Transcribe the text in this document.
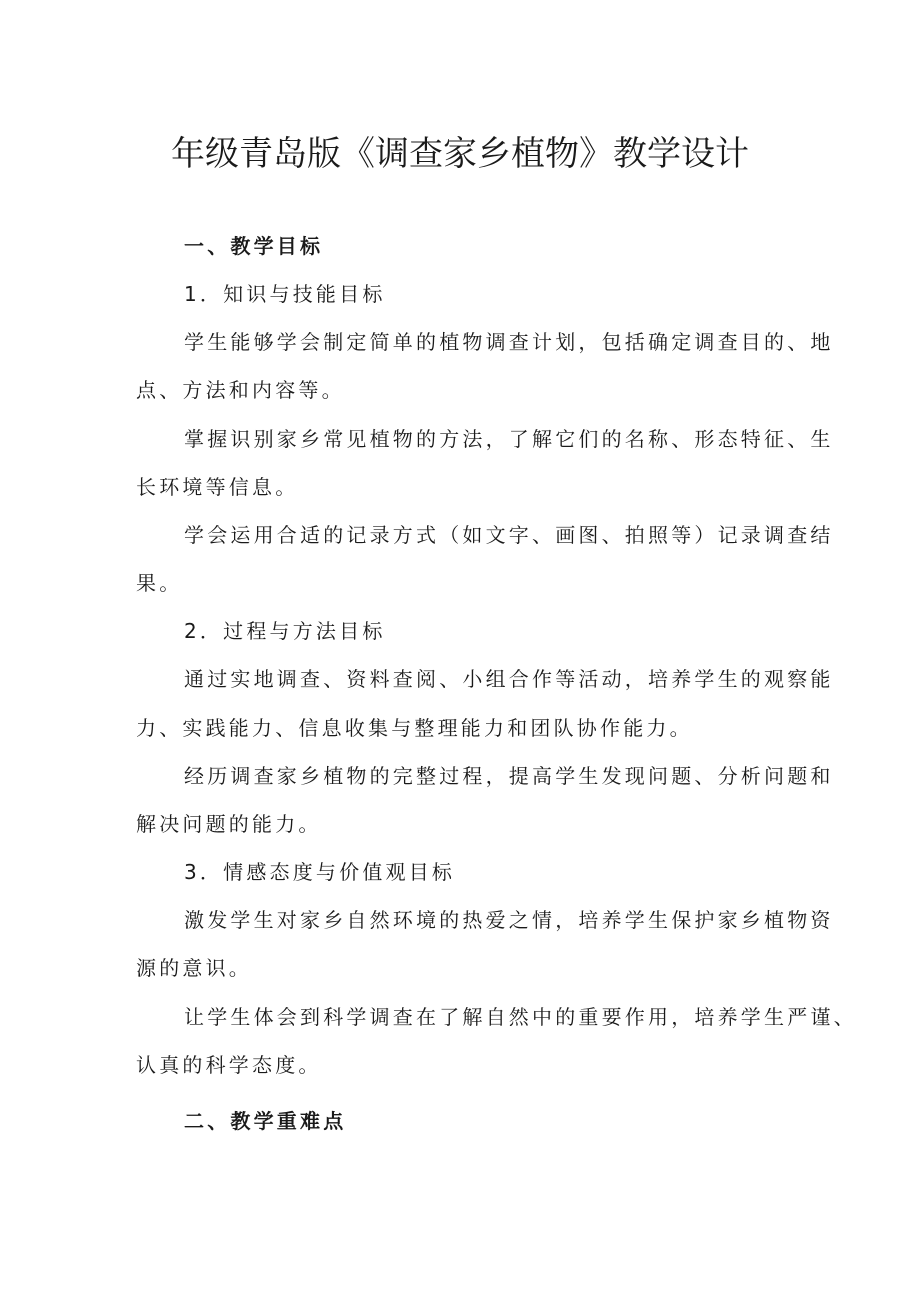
年级青岛版《调查家乡植物》教学设计
一、教学目标
1．知识与技能目标
学生能够学会制定简单的植物调查计划，包括确定调查目的、地
点、方法和内容等。
掌握识别家乡常见植物的方法，了解它们的名称、形态特征、生
长环境等信息。
学会运用合适的记录方式（如文字、画图、拍照等）记录调查结
果。
2．过程与方法目标
通过实地调查、资料查阅、小组合作等活动，培养学生的观察能
力、实践能力、信息收集与整理能力和团队协作能力。
经历调查家乡植物的完整过程，提高学生发现问题、分析问题和
解决问题的能力。
3．情感态度与价值观目标
激发学生对家乡自然环境的热爱之情，培养学生保护家乡植物资
源的意识。
让学生体会到科学调查在了解自然中的重要作用，培养学生严谨、
认真的科学态度。
二、教学重难点
